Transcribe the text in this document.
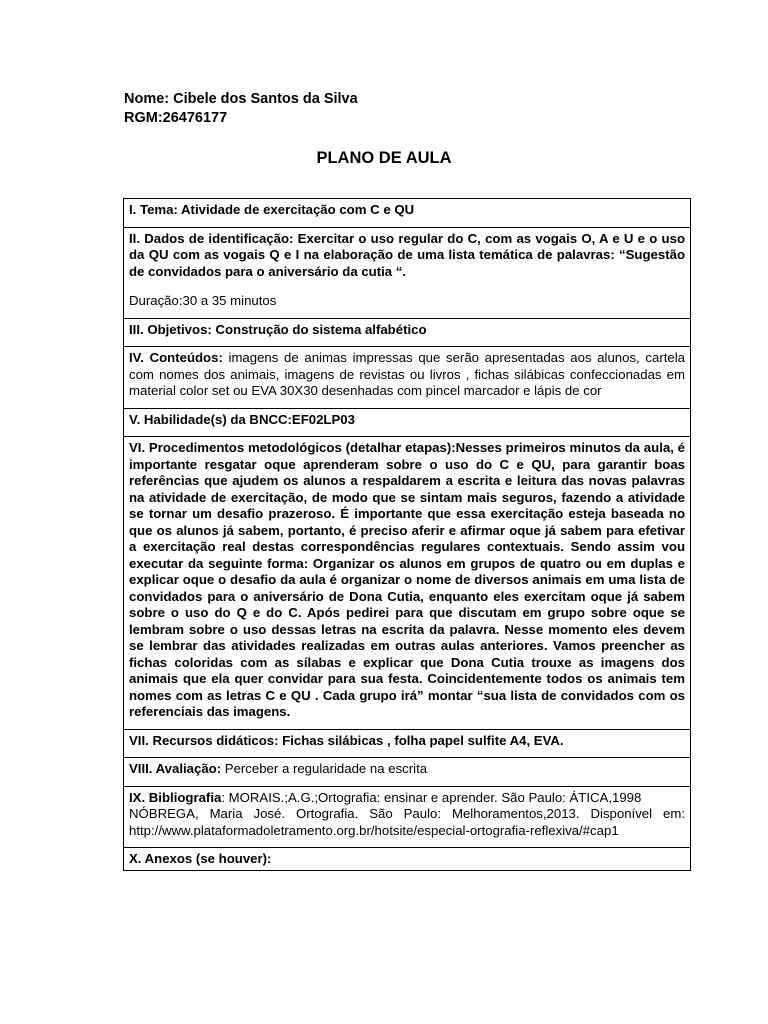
Nome: Cibele dos Santos da Silva
RGM:26476177
PLANO DE AULA
I. Tema: Atividade de exercitação com C e QU

II. Dados de identificação: Exercitar o uso regular do C, com as vogais O, A e U e o uso da QU com as vogais Q e I na elaboração de uma lista temática de palavras: “Sugestão de convidados para o aniversário da cutia “.

Duração:30 a 35 minutos

III. Objetivos: Construção do sistema alfabético
IV. Conteúdos: imagens de animas impressas que serão apresentadas aos alunos, cartela com nomes dos animais, imagens de revistas ou livros , fichas silábicas confeccionadas em material color set ou EVA 30X30 desenhadas com pincel marcador e lápis de cor
V. Habilidade(s) da BNCC:EF02LP03
VI. Procedimentos metodológicos (detalhar etapas):Nesses primeiros minutos da aula, é importante resgatar oque aprenderam sobre o uso do C e QU, para garantir boas referências que ajudem os alunos a respaldarem a escrita e leitura das novas palavras na atividade de exercitação, de modo que se sintam mais seguros, fazendo a atividade se tornar um desafio prazeroso. É importante que essa exercitação esteja baseada no que os alunos já sabem, portanto, é preciso aferir e afirmar oque já sabem para efetivar a exercitação real destas correspondências regulares contextuais. Sendo assim vou executar da seguinte forma: Organizar os alunos em grupos de quatro ou em duplas e explicar oque o desafio da aula é organizar o nome de diversos animais em uma lista de convidados para o aniversário de Dona Cutia, enquanto eles exercitam oque já sabem sobre o uso do Q e do C. Após pedirei para que discutam em grupo sobre oque se lembram sobre o uso dessas letras na escrita da palavra. Nesse momento eles devem se lembrar das atividades realizadas em outras aulas anteriores. Vamos preencher as fichas coloridas com as sílabas e explicar que Dona Cutia trouxe as imagens dos animais que ela quer convidar para sua festa. Coincidentemente todos os animais tem nomes com as letras C e QU . Cada grupo irá” montar “sua lista de convidados com os referenciais das imagens.
VII. Recursos didáticos: Fichas silábicas , folha papel sulfite A4, EVA.
VIII. Avaliação: Perceber a regularidade na escrita

IX. Bibliografia: MORAIS.;A.G.;Ortografia: ensinar e aprender. São Paulo: ÁTICA,1998
NÓBREGA, Maria José. Ortografia. São Paulo: Melhoramentos,2013. Disponível em: http://www.plataformadoletramento.org.br/hotsite/especial-ortografia-reflexiva/#cap1

X. Anexos (se houver):
